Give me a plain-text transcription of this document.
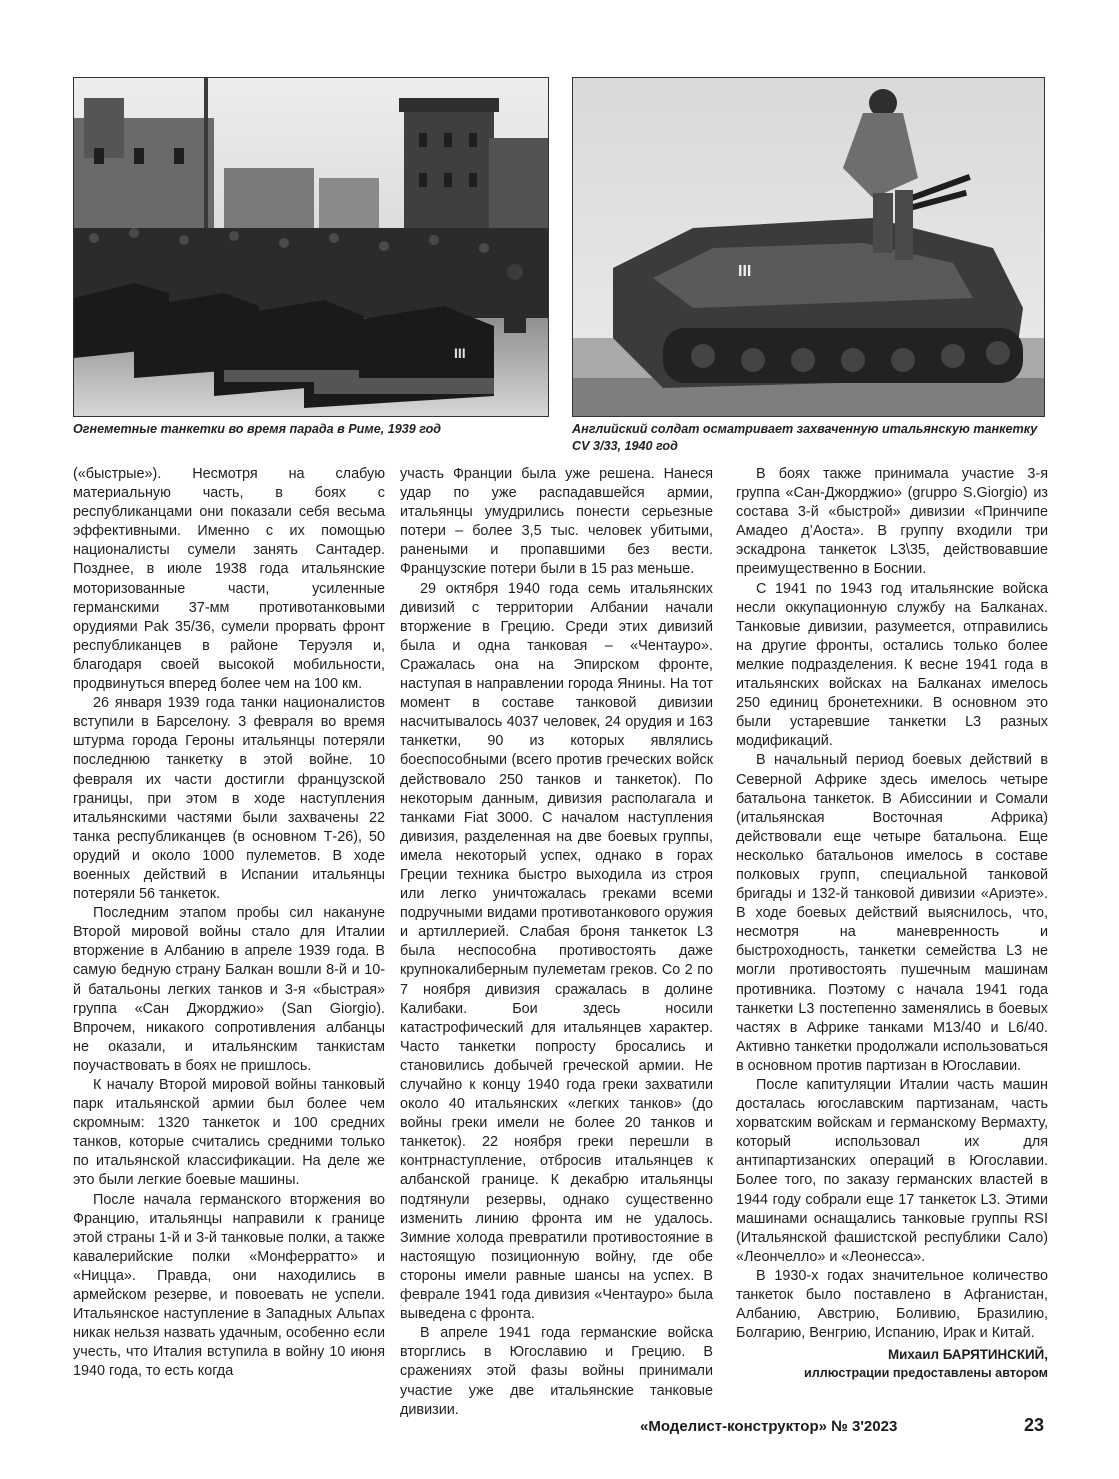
III
III
Огнеметные танкетки во время парада в Риме, 1939 год	Английский солдат осматривает захваченную итальянскую танкетку CV 3/33, 1940 год

(«быстрые»). Несмотря на слабую материальную часть, в боях с республиканцами они показали себя весьма эффективными. Именно с их помощью националисты сумели занять Сантадер. Позднее, в июле 1938 года итальянские моторизованные части, усиленные германскими 37-мм противотанковыми орудиями Pak 35/36, сумели прорвать фронт республиканцев в районе Теруэля и, благодаря своей высокой мобильности, продвинуться вперед более чем на 100 км.

26 января 1939 года танки националистов вступили в Барселону. 3 февраля во время штурма города Героны итальянцы потеряли последнюю танкетку в этой войне. 10 февраля их части достигли французской границы, при этом в ходе наступления итальянскими частями были захвачены 22 танка республиканцев (в основном Т-26), 50 орудий и около 1000 пулеметов. В ходе военных действий в Испании итальянцы потеряли 56 танкеток.

Последним этапом пробы сил накануне Второй мировой войны стало для Италии вторжение в Албанию в апреле 1939 года. В самую бедную страну Балкан вошли 8-й и 10-й батальоны легких танков и 3-я «быстрая» группа «Сан Джорджио» (San Giorgio). Впрочем, никакого сопротивления албанцы не оказали, и итальянским танкистам поучаствовать в боях не пришлось.

К началу Второй мировой войны танковый парк итальянской армии был более чем скромным: 1320 танкеток и 100 средних танков, которые считались средними только по итальянской классификации. На деле же это были легкие боевые машины.

После начала германского вторжения во Францию, итальянцы направили к границе этой страны 1-й и 3-й танковые полки, а также кавалерийские полки «Монферратто» и «Ницца». Правда, они находились в армейском резерве, и повоевать не успели. Итальянское наступление в Западных Альпах никак нельзя назвать удачным, особенно если учесть, что Италия вступила в войну 10 июня 1940 года, то есть когда

участь Франции была уже решена. Нанеся удар по уже распадавшейся армии, итальянцы умудрились понести серьезные потери – более 3,5 тыс. человек убитыми, ранеными и пропавшими без вести. Французские потери были в 15 раз меньше.

29 октября 1940 года семь итальянских дивизий с территории Албании начали вторжение в Грецию. Среди этих дивизий была и одна танковая – «Чентауро». Сражалась она на Эпирском фронте, наступая в направлении города Янины. На тот момент в составе танковой дивизии насчитывалось 4037 человек, 24 орудия и 163 танкетки, 90 из которых являлись боеспособными (всего против греческих войск действовало 250 танков и танкеток). По некоторым данным, дивизия располагала и танками Fiat 3000. С началом наступления дивизия, разделенная на две боевых группы, имела некоторый успех, однако в горах Греции техника быстро выходила из строя или легко уничтожалась греками всеми подручными видами противотанкового оружия и артиллерией. Слабая броня танкеток L3 была неспособна противостоять даже крупнокалиберным пулеметам греков. Со 2 по 7 ноября дивизия сражалась в долине Калибаки. Бои здесь носили катастрофический для итальянцев характер. Часто танкетки попросту бросались и становились добычей греческой армии. Не случайно к концу 1940 года греки захватили около 40 итальянских «легких танков» (до войны греки имели не более 20 танков и танкеток). 22 ноября греки перешли в контрнаступление, отбросив итальянцев к албанской границе. К декабрю итальянцы подтянули резервы, однако существенно изменить линию фронта им не удалось. Зимние холода превратили противостояние в настоящую позиционную войну, где обе стороны имели равные шансы на успех. В феврале 1941 года дивизия «Чентауро» была выведена с фронта.

В апреле 1941 года германские войска вторглись в Югославию и Грецию. В сражениях этой фазы войны принимали участие уже две итальянские танковые дивизии.

В боях также принимала участие 3-я группа «Сан-Джорджио» (gruppo S.Giorgio) из состава 3-й «быстрой» дивизии «Принчипе Амадео д’Аоста». В группу входили три эскадрона танкеток L3\35, действовавшие преимущественно в Боснии.

С 1941 по 1943 год итальянские войска несли оккупационную службу на Балканах. Танковые дивизии, разумеется, отправились на другие фронты, остались только более мелкие подразделения. К весне 1941 года в итальянских войсках на Балканах имелось 250 единиц бронетехники. В основном это были устаревшие танкетки L3 разных модификаций.

В начальный период боевых действий в Северной Африке здесь имелось четыре батальона танкеток. В Абиссинии и Сомали (итальянская Восточная Африка) действовали еще четыре батальона. Еще несколько батальонов имелось в составе полковых групп, специальной танковой бригады и 132-й танковой дивизии «Ариэте». В ходе боевых действий выяснилось, что, несмотря на маневренность и быстроходность, танкетки семейства L3 не могли противостоять пушечным машинам противника. Поэтому с начала 1941 года танкетки L3 постепенно заменялись в боевых частях в Африке танками M13/40 и L6/40. Активно танкетки продолжали использоваться в основном против партизан в Югославии.

После капитуляции Италии часть машин досталась югославским партизанам, часть хорватским войскам и германскому Вермахту, который использовал их для антипартизанских операций в Югославии. Более того, по заказу германских властей в 1944 году собрали еще 17 танкеток L3. Этими машинами оснащались танковые группы RSI (Итальянской фашистской республики Сало) «Леончелло» и «Леонесса».

В 1930-х годах значительное количество танкеток было поставлено в Афганистан, Албанию, Австрию, Боливию, Бразилию, Болгарию, Венгрию, Испанию, Ирак и Китай.

Михаил БАРЯТИНСКИЙ,
иллюстрации предоставлены автором
«Моделист-конструктор» № 3'2023	23
